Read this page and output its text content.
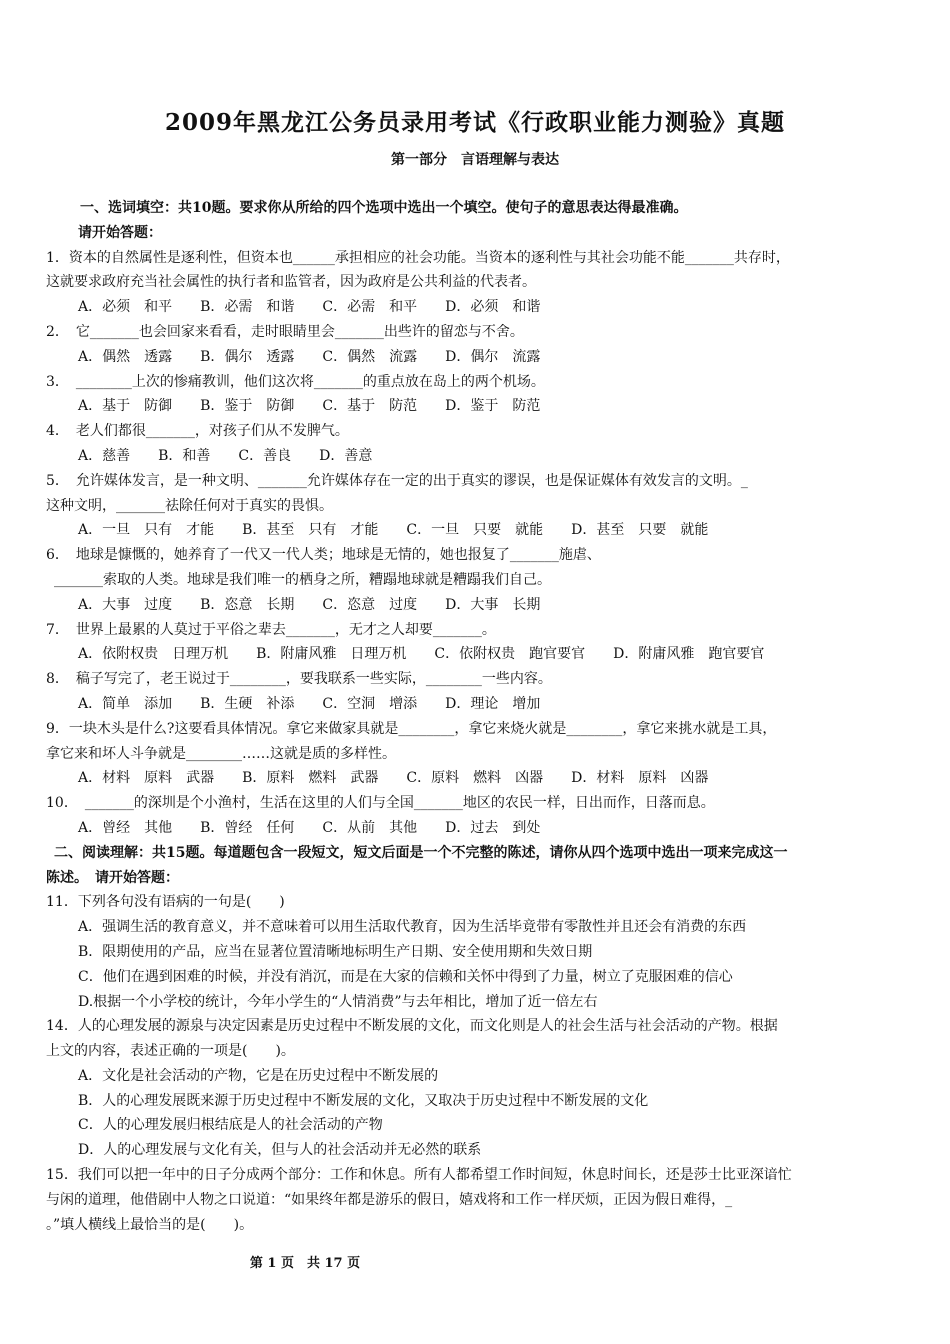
2009年黑龙江公务员录用考试《行政职业能力测验》真题
第一部分　言语理解与表达
一、选词填空：共10题。要求你从所给的四个选项中选出一个填空。使句子的意思表达得最准确。
请开始答题：
1．资本的自然属性是逐利性，但资本也______承担相应的社会功能。当资本的逐利性与其社会功能不能_______共存时，
这就要求政府充当社会属性的执行者和监管者，因为政府是公共利益的代表者。
A．必须　和平　　B．必需　和谐　　C．必需　和平　　D．必须　和谐
2．　它_______也会回家来看看，走时眼睛里会_______出些许的留恋与不舍。
A．偶然　透露　　B．偶尔　透露　　C．偶然　流露　　D．偶尔　流露
3．　________上次的惨痛教训，他们这次将_______的重点放在岛上的两个机场。
A．基于　防御　　B．鉴于　防御　　C．基于　防范　　D．鉴于　防范
4．　老人们都很_______，对孩子们从不发脾气。
A．慈善　　B．和善　　C．善良　　D．善意
5．　允许媒体发言，是一种文明、_______允许媒体存在一定的出于真实的谬误，也是保证媒体有效发言的文明。_
这种文明，_______祛除任何对于真实的畏惧。
A．一旦　只有　才能　　B．甚至　只有　才能　　C．一旦　只要　就能　　D．甚至　只要　就能
6．　地球是慷慨的，她养育了一代又一代人类；地球是无情的，她也报复了_______施虐、
_______索取的人类。地球是我们唯一的栖身之所，糟蹋地球就是糟蹋我们自己。
A．大事　过度　　B．恣意　长期　　C．恣意　过度　　D．大事　长期
7．　世界上最累的人莫过于平俗之辈去_______，无才之人却要_______。
A．依附权贵　日理万机　　B．附庸风雅　日理万机　　C．依附权贵　跑官要官　　D．附庸风雅　跑官要官
8．　稿子写完了，老王说过于________，要我联系一些实际，________一些内容。
A．简单　添加　　B．生硬　补添　　C．空洞　增添　　D．理论　增加
9．一块木头是什么?这要看具体情况。拿它来做家具就是________，拿它来烧火就是________，拿它来挑水就是工具，
拿它来和坏人斗争就是________……这就是质的多样性。
A．材料　原料　武器　　B．原料　燃料　武器　　C．原料　燃料　凶器　　D．材料　原料　凶器
10．　_______的深圳是个小渔村，生活在这里的人们与全国_______地区的农民一样，日出而作，日落而息。
A．曾经　其他　　B．曾经　任何　　C．从前　其他　　D．过去　到处
二、阅读理解：共15题。每道题包含一段短文，短文后面是一个不完整的陈述，请你从四个选项中选出一项来完成这一
陈述。　请开始答题：
11．下列各句没有语病的一句是(　　)
A．强调生活的教育意义，并不意味着可以用生活取代教育，因为生活毕竟带有零散性并且还会有消费的东西
B．限期使用的产品，应当在显著位置清晰地标明生产日期、安全使用期和失效日期
C．他们在遇到困难的时候，并没有消沉，而是在大家的信赖和关怀中得到了力量，树立了克服困难的信心
D.根据一个小学校的统计，今年小学生的“人情消费”与去年相比，增加了近一倍左右
14．人的心理发展的源泉与决定因素是历史过程中不断发展的文化，而文化则是人的社会生活与社会活动的产物。根据
上文的内容，表述正确的一项是(　　)。
A．文化是社会活动的产物，它是在历史过程中不断发展的
B．人的心理发展既来源于历史过程中不断发展的文化，又取决于历史过程中不断发展的文化
C．人的心理发展归根结底是人的社会活动的产物
D．人的心理发展与文化有关，但与人的社会活动并无必然的联系
15．我们可以把一年中的日子分成两个部分：工作和休息。所有人都希望工作时间短，休息时间长，还是莎士比亚深谙忙
与闲的道理，他借剧中人物之口说道：“如果终年都是游乐的假日，嬉戏将和工作一样厌烦，正因为假日难得，_
。”填人横线上最恰当的是(　　)。
第 1 页　共 17 页
